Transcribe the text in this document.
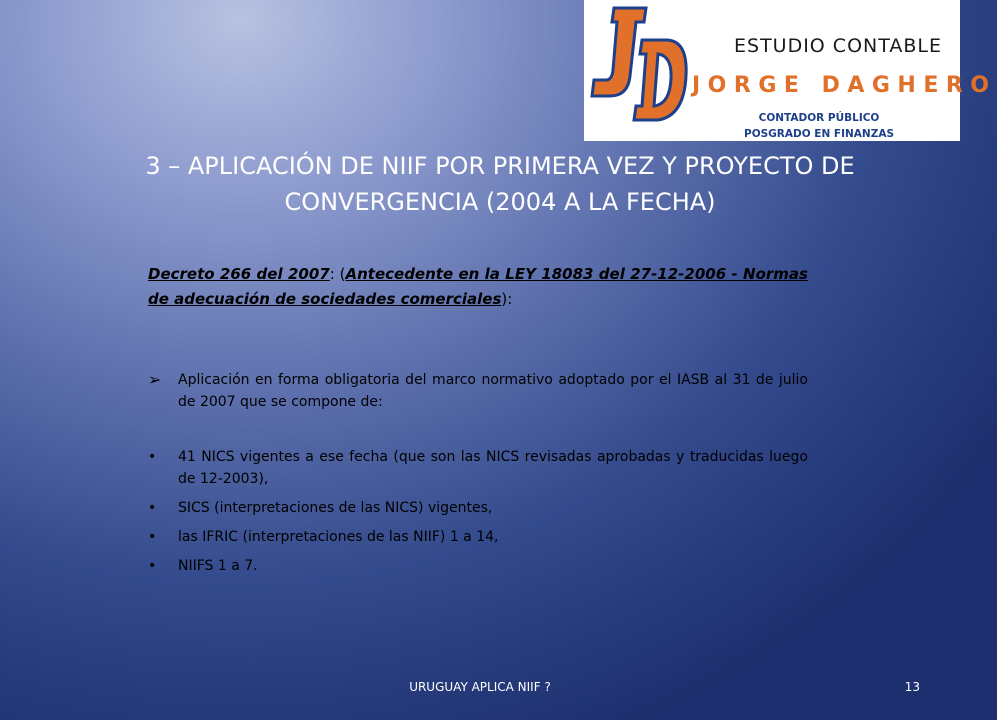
ESTUDIO CONTABLE
JORGE DAGHERO
CONTADOR PÚBLICO
POSGRADO EN FINANZAS
3 – APLICACIÓN DE NIIF POR PRIMERA VEZ Y PROYECTO DE CONVERGENCIA (2004 A LA FECHA)
Decreto 266 del 2007: (Antecedente en la LEY 18083 del 27-12-2006 - Normas de adecuación de sociedades comerciales):
➢ Aplicación en forma obligatoria del marco normativo adoptado por el IASB al 31 de julio de 2007 que se compone de:
• 41 NICS vigentes a ese fecha (que son las NICS revisadas aprobadas y traducidas luego de 12-2003),
• SICS (interpretaciones de las NICS) vigentes,
• las IFRIC (interpretaciones de las NIIF) 1 a 14,
• NIIFS 1 a 7.
URUGUAY APLICA NIIF ?	13
